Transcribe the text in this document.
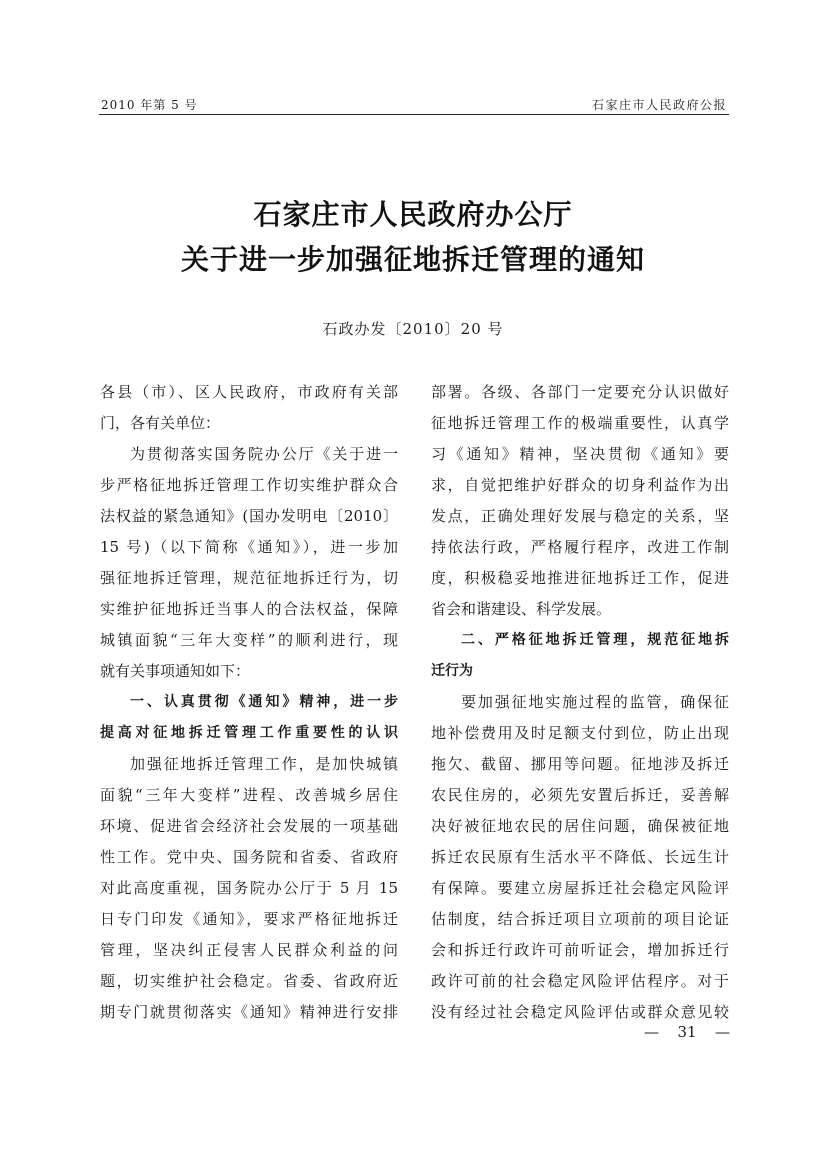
2010 年第 5 号	石家庄市人民政府公报
石家庄市人民政府办公厅
关于进一步加强征地拆迁管理的通知
石政办发〔2010〕20 号
各县（市）、区人民政府，市政府有关部
门，各有关单位：
为贯彻落实国务院办公厅《关于进一
步严格征地拆迁管理工作切实维护群众合
法权益的紧急通知》(国办发明电〔2010〕
15 号)（以下简称《通知》），进一步加
强征地拆迁管理，规范征地拆迁行为，切
实维护征地拆迁当事人的合法权益，保障
城镇面貌“三年大变样”的顺利进行，现
就有关事项通知如下：
一、认真贯彻《通知》精神，进一步
提高对征地拆迁管理工作重要性的认识
加强征地拆迁管理工作，是加快城镇
面貌“三年大变样”进程、改善城乡居住
环境、促进省会经济社会发展的一项基础
性工作。党中央、国务院和省委、省政府
对此高度重视，国务院办公厅于 5 月 15
日专门印发《通知》，要求严格征地拆迁
管理，坚决纠正侵害人民群众利益的问
题，切实维护社会稳定。省委、省政府近
期专门就贯彻落实《通知》精神进行安排
部署。各级、各部门一定要充分认识做好
征地拆迁管理工作的极端重要性，认真学
习《通知》精神，坚决贯彻《通知》要
求，自觉把维护好群众的切身利益作为出
发点，正确处理好发展与稳定的关系，坚
持依法行政，严格履行程序，改进工作制
度，积极稳妥地推进征地拆迁工作，促进
省会和谐建设、科学发展。
二、严格征地拆迁管理，规范征地拆
迁行为
要加强征地实施过程的监管，确保征
地补偿费用及时足额支付到位，防止出现
拖欠、截留、挪用等问题。征地涉及拆迁
农民住房的，必须先安置后拆迁，妥善解
决好被征地农民的居住问题，确保被征地
拆迁农民原有生活水平不降低、长远生计
有保障。要建立房屋拆迁社会稳定风险评
估制度，结合拆迁项目立项前的项目论证
会和拆迁行政许可前听证会，增加拆迁行
政许可前的社会稳定风险评估程序。对于
没有经过社会稳定风险评估或群众意见较
— 31 —
